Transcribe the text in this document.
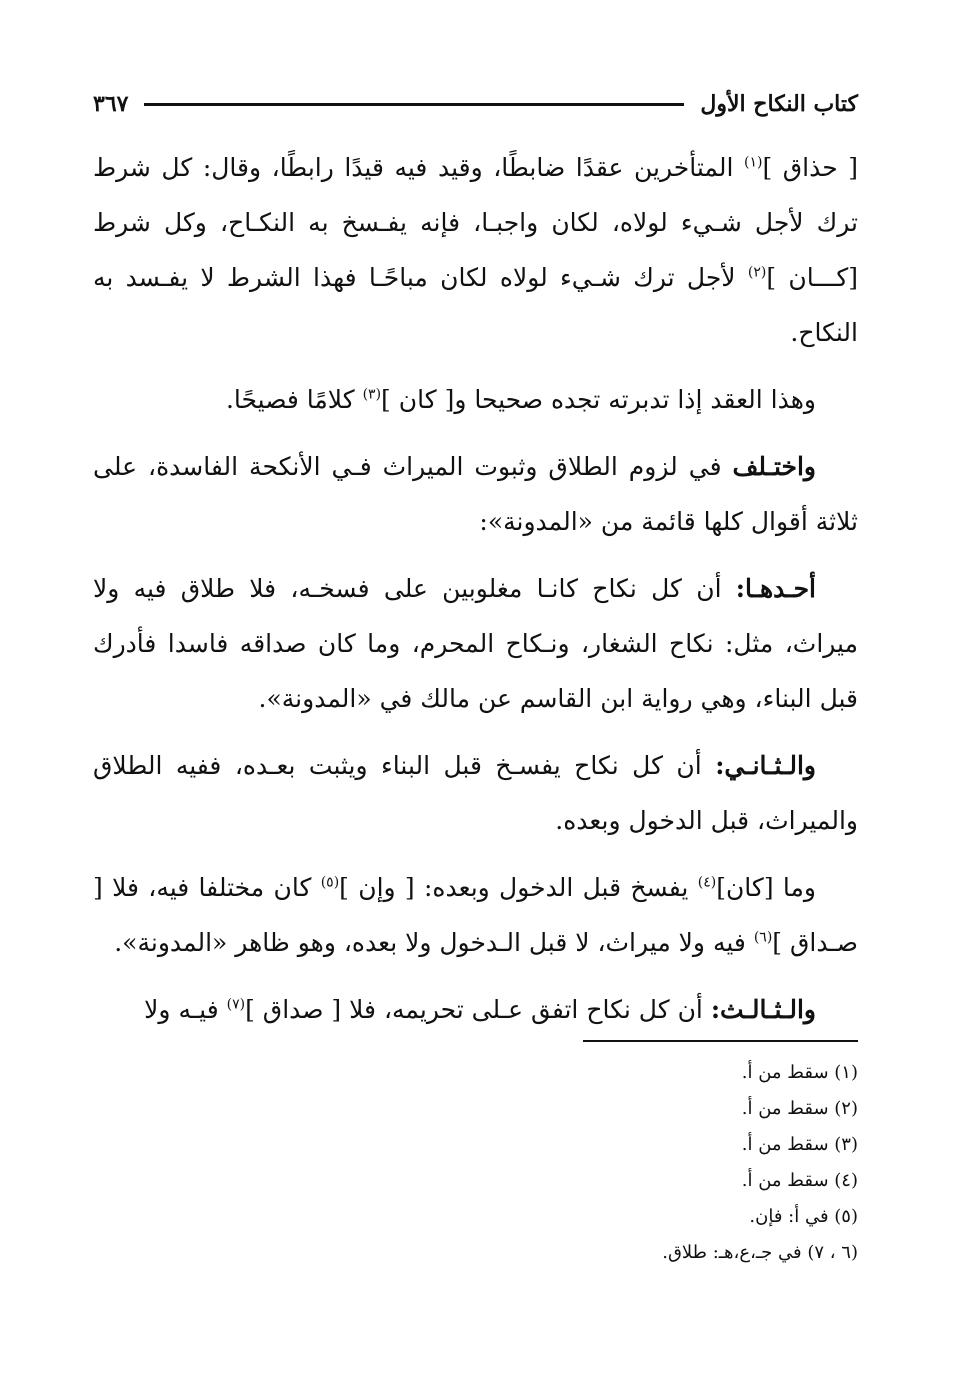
كتاب النكاح الأول
٣٦٧

[ حذاق ]$^{(١)}$ المتأخرين عقدًا ضابطًا، وقيد فيه قيدًا رابطًا، وقال: كل شرط ترك لأجل شـيء لولاه، لكان واجبـا، فإنه يفـسخ به النكـاح، وكل شرط [كـــان ]$^{(٢)}$ لأجل ترك شـيء لولاه لكان مباحًـا فهذا الشرط لا يفـسد به النكاح.

وهذا العقد إذا تدبرته تجده صحيحا و[ كان ]$^{(٣)}$ كلامًا فصيحًا.

واختـلف في لزوم الطلاق وثبوت الميراث فـي الأنكحة الفاسدة، على ثلاثة أقوال كلها قائمة من «المدونة»:

أحـدهـا: أن كل نكاح كانـا مغلوبين على فسخـه، فلا طلاق فيه ولا ميراث، مثل: نكاح الشغار، ونـكاح المحرم، وما كان صداقه فاسدا فأدرك قبل البناء، وهي رواية ابن القاسم عن مالك في «المدونة».

والـثـانـي: أن كل نكاح يفسـخ قبل البناء ويثبت بعـده، ففيه الطلاق والميراث، قبل الدخول وبعده.

وما [كان]$^{(٤)}$ يفسخ قبل الدخول وبعده: [ وإن ]$^{(٥)}$ كان مختلفا فيه، فلا [ صـداق ]$^{(٦)}$ فيه ولا ميراث، لا قبل الـدخول ولا بعده، وهو ظاهر «المدونة».

والـثـالـث: أن كل نكاح اتفق عـلى تحريمه، فلا [ صداق ]$^{(٧)}$ فيـه ولا

(١) سقط من أ.
(٢) سقط من أ.
(٣) سقط من أ.
(٤) سقط من أ.
(٥) في أ: فإن.
(٦ ، ٧) في جـ،ع،هـ: طلاق.
